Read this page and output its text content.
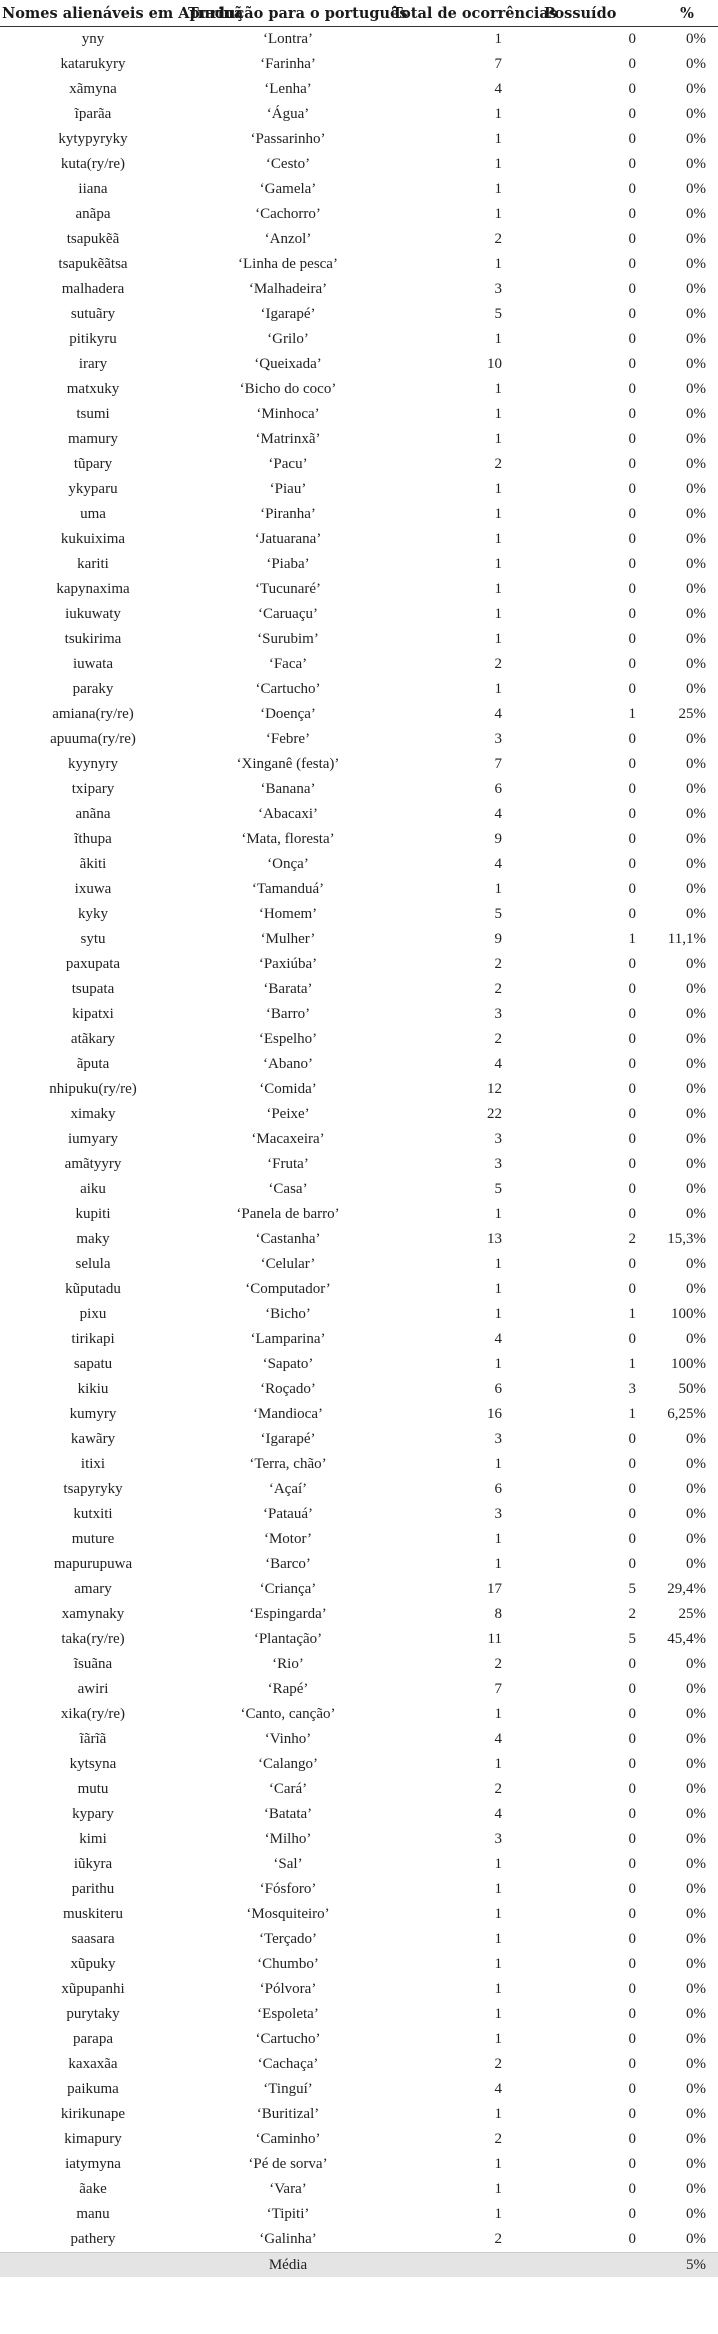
Nomes alienáveis em Apurinã	Tradução para o português	Total de ocorrências	Possuído	%
yny	‘Lontra’	1	0	0%
katarukyry	‘Farinha’	7	0	0%
xãmyna	‘Lenha’	4	0	0%
ĩparãa	‘Água’	1	0	0%
kytypyryky	‘Passarinho’	1	0	0%
kuta(ry/re)	‘Cesto’	1	0	0%
iiana	‘Gamela’	1	0	0%
anãpa	‘Cachorro’	1	0	0%
tsapukẽã	‘Anzol’	2	0	0%
tsapukẽãtsa	‘Linha de pesca’	1	0	0%
malhadera	‘Malhadeira’	3	0	0%
sutuãry	‘Igarapé’	5	0	0%
pitikyru	‘Grilo’	1	0	0%
irary	‘Queixada’	10	0	0%
matxuky	‘Bicho do coco’	1	0	0%
tsumi	‘Minhoca’	1	0	0%
mamury	‘Matrinxã’	1	0	0%
tũpary	‘Pacu’	2	0	0%
ykyparu	‘Piau’	1	0	0%
uma	‘Piranha’	1	0	0%
kukuixima	‘Jatuarana’	1	0	0%
kariti	‘Piaba’	1	0	0%
kapynaxima	‘Tucunaré’	1	0	0%
iukuwaty	‘Caruaçu’	1	0	0%
tsukirima	‘Surubim’	1	0	0%
iuwata	‘Faca’	2	0	0%
paraky	‘Cartucho’	1	0	0%
amiana(ry/re)	‘Doença’	4	1	25%
apuuma(ry/re)	‘Febre’	3	0	0%
kyynyry	‘Xinganê (festa)’	7	0	0%
txipary	‘Banana’	6	0	0%
anãna	‘Abacaxi’	4	0	0%
ĩthupa	‘Mata, floresta’	9	0	0%
ãkiti	‘Onça’	4	0	0%
ixuwa	‘Tamanduá’	1	0	0%
kyky	‘Homem’	5	0	0%
sytu	‘Mulher’	9	1	11,1%
paxupata	‘Paxiúba’	2	0	0%
tsupata	‘Barata’	2	0	0%
kipatxi	‘Barro’	3	0	0%
atãkary	‘Espelho’	2	0	0%
ãputa	‘Abano’	4	0	0%
nhipuku(ry/re)	‘Comida’	12	0	0%
ximaky	‘Peixe’	22	0	0%
iumyary	‘Macaxeira’	3	0	0%
amãtyyry	‘Fruta’	3	0	0%
aiku	‘Casa’	5	0	0%
kupiti	‘Panela de barro’	1	0	0%
maky	‘Castanha’	13	2	15,3%
selula	‘Celular’	1	0	0%
kũputadu	‘Computador’	1	0	0%
pixu	‘Bicho’	1	1	100%
tirikapi	‘Lamparina’	4	0	0%
sapatu	‘Sapato’	1	1	100%
kikiu	‘Roçado’	6	3	50%
kumyry	‘Mandioca’	16	1	6,25%
kawãry	‘Igarapé’	3	0	0%
itixi	‘Terra, chão’	1	0	0%
tsapyryky	‘Açaí’	6	0	0%
kutxiti	‘Patauá’	3	0	0%
muture	‘Motor’	1	0	0%
mapurupuwa	‘Barco’	1	0	0%
amary	‘Criança’	17	5	29,4%
xamynaky	‘Espingarda’	8	2	25%
taka(ry/re)	‘Plantação’	11	5	45,4%
ĩsuãna	‘Rio’	2	0	0%
awiri	‘Rapé’	7	0	0%
xika(ry/re)	‘Canto, canção’	1	0	0%
ĩãrĩã	‘Vinho’	4	0	0%
kytsyna	‘Calango’	1	0	0%
mutu	‘Cará’	2	0	0%
kypary	‘Batata’	4	0	0%
kimi	‘Milho’	3	0	0%
iũkyra	‘Sal’	1	0	0%
parithu	‘Fósforo’	1	0	0%
muskiteru	‘Mosquiteiro’	1	0	0%
saasara	‘Terçado’	1	0	0%
xũpuky	‘Chumbo’	1	0	0%
xũpupanhi	‘Pólvora’	1	0	0%
purytaky	‘Espoleta’	1	0	0%
parapa	‘Cartucho’	1	0	0%
kaxaxãa	‘Cachaça’	2	0	0%
paikuma	‘Tinguí’	4	0	0%
kirikunape	‘Buritizal’	1	0	0%
kimapury	‘Caminho’	2	0	0%
iatymyna	‘Pé de sorva’	1	0	0%
ãake	‘Vara’	1	0	0%
manu	‘Tipiti’	1	0	0%
pathery	‘Galinha’	2	0	0%
	Média			5%
